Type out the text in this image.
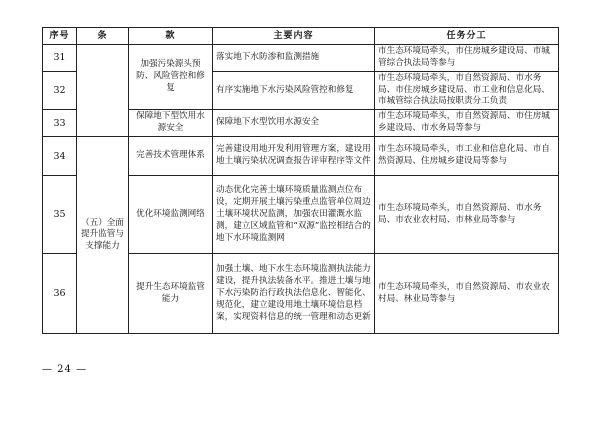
序号	条	款	主要内容	任务分工
31		加强污染源头预防、风险管控和修复	落实地下水防渗和监测措施	市生态环境局牵头，市住房城乡建设局、市城管综合执法局等参与
32			有序实施地下水污染风险管控和修复	市生态环境局牵头，市自然资源局、市水务局、市住房城乡建设局、市工业和信息化局、市城管综合执法局按职责分工负责
33		保障地下型饮用水源安全	保障地下水型饮用水源安全	市生态环境局牵头，市自然资源局、市住房城乡建设局、市水务局等参与
34	（五）全面提升监管与支撑能力	完善技术管理体系	完善建设用地开发利用管理方案，建设用地土壤污染状况调查报告评审程序等文件	市生态环境局牵头，市工业和信息化局、市自然资源局、住房城乡建设局等参与
35		优化环境监测网络	动态优化完善土壤环境质量监测点位布设，定期开展土壤污染重点监管单位周边土壤环境状况监测，加强农田灌溉水监测，建立区域监管和“双源”监控相结合的地下水环境监测网	市生态环境局牵头，市自然资源局、市水务局、市农业农村局、市林业局等参与
36		提升生态环境监管能力	加强土壤、地下水生态环境监测执法能力建设，提升执法装备水平。推进土壤与地下水污染防治行政执法信息化、智能化、规范化，建立建设用地土壤环境信息档案，实现资料信息的统一管理和动态更新	市生态环境局牵头，市自然资源局、市农业农村局、林业局等参与
— 24 —
